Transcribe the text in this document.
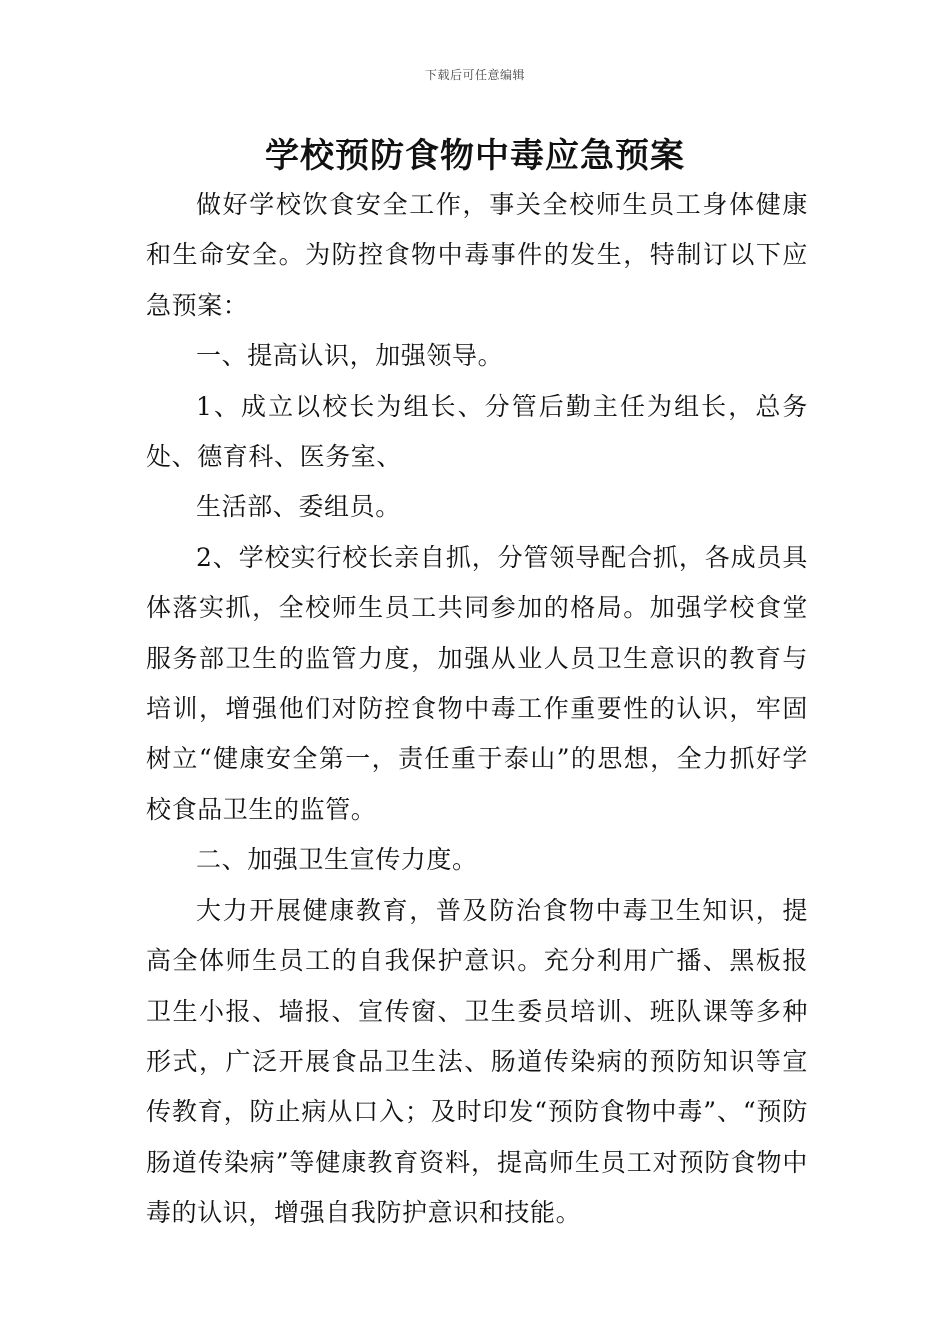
下载后可任意编辑
学校预防食物中毒应急预案

做好学校饮食安全工作，事关全校师生员工身体健康和生命安全。为防控食物中毒事件的发生，特制订以下应急预案：

一、提高认识，加强领导。

1、成立以校长为组长、分管后勤主任为组长，总务处、德育科、医务室、

生活部、委组员。

2、学校实行校长亲自抓，分管领导配合抓，各成员具体落实抓，全校师生员工共同参加的格局。加强学校食堂服务部卫生的监管力度，加强从业人员卫生意识的教育与培训，增强他们对防控食物中毒工作重要性的认识，牢固树立“健康安全第一，责任重于泰山”的思想，全力抓好学校食品卫生的监管。

二、加强卫生宣传力度。

大力开展健康教育，普及防治食物中毒卫生知识，提高全体师生员工的自我保护意识。充分利用广播、黑板报卫生小报、墙报、宣传窗、卫生委员培训、班队课等多种形式，广泛开展食品卫生法、肠道传染病的预防知识等宣传教育，防止病从口入；及时印发“预防食物中毒”、“预防肠道传染病”等健康教育资料，提高师生员工对预防食物中毒的认识，增强自我防护意识和技能。
